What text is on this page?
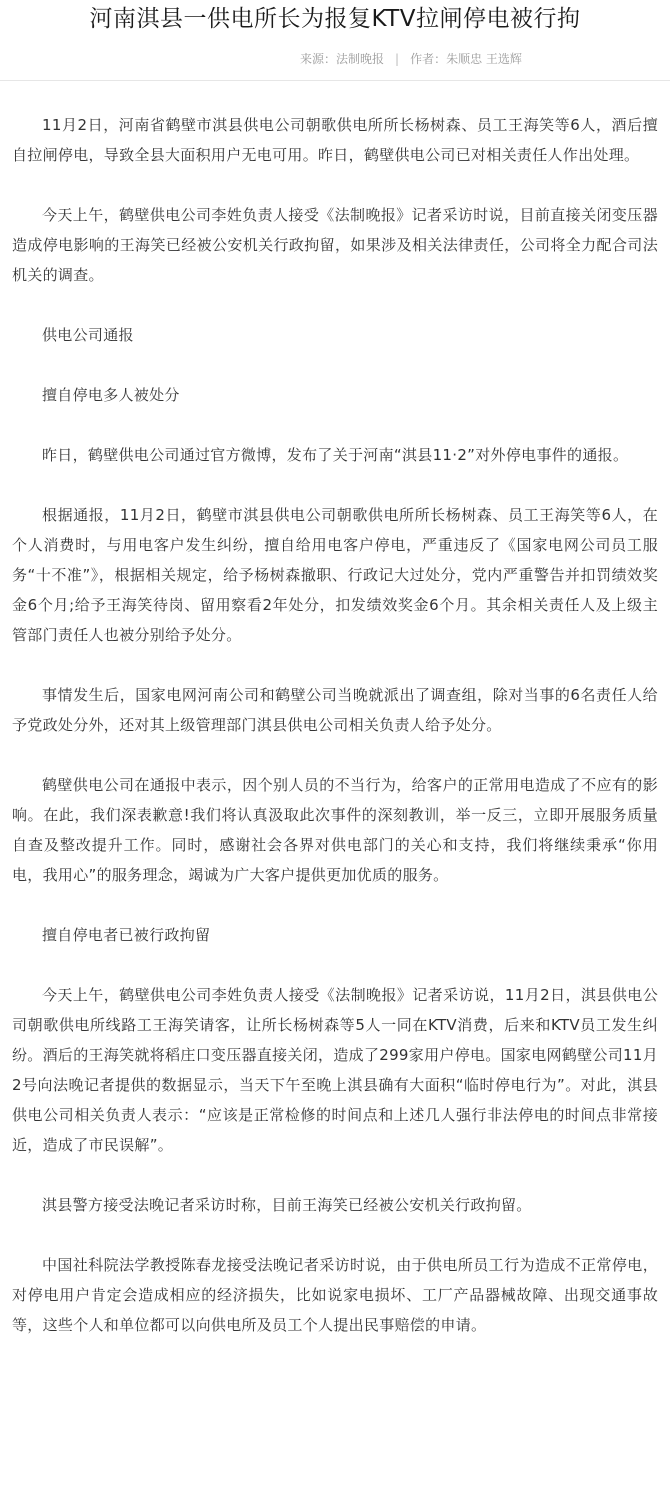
河南淇县一供电所长为报复KTV拉闸停电被行拘
来源：法制晚报 | 作者：朱顺忠 王选辉

11月2日，河南省鹤壁市淇县供电公司朝歌供电所所长杨树森、员工王海笑等6人，酒后擅自拉闸停电，导致全县大面积用户无电可用。昨日，鹤壁供电公司已对相关责任人作出处理。

今天上午，鹤壁供电公司李姓负责人接受《法制晚报》记者采访时说，目前直接关闭变压器造成停电影响的王海笑已经被公安机关行政拘留，如果涉及相关法律责任，公司将全力配合司法机关的调查。

供电公司通报

擅自停电多人被处分

昨日，鹤壁供电公司通过官方微博，发布了关于河南“淇县11·2”对外停电事件的通报。

根据通报，11月2日，鹤壁市淇县供电公司朝歌供电所所长杨树森、员工王海笑等6人，在个人消费时，与用电客户发生纠纷，擅自给用电客户停电，严重违反了《国家电网公司员工服务“十不准”》，根据相关规定，给予杨树森撤职、行政记大过处分，党内严重警告并扣罚绩效奖金6个月;给予王海笑待岗、留用察看2年处分，扣发绩效奖金6个月。其余相关责任人及上级主管部门责任人也被分别给予处分。

事情发生后，国家电网河南公司和鹤壁公司当晚就派出了调查组，除对当事的6名责任人给予党政处分外，还对其上级管理部门淇县供电公司相关负责人给予处分。

鹤壁供电公司在通报中表示，因个别人员的不当行为，给客户的正常用电造成了不应有的影响。在此，我们深表歉意!我们将认真汲取此次事件的深刻教训，举一反三，立即开展服务质量自查及整改提升工作。同时，感谢社会各界对供电部门的关心和支持，我们将继续秉承“你用电，我用心”的服务理念，竭诚为广大客户提供更加优质的服务。

擅自停电者已被行政拘留

今天上午，鹤壁供电公司李姓负责人接受《法制晚报》记者采访说，11月2日，淇县供电公司朝歌供电所线路工王海笑请客，让所长杨树森等5人一同在KTV消费，后来和KTV员工发生纠纷。酒后的王海笑就将稻庄口变压器直接关闭，造成了299家用户停电。国家电网鹤壁公司11月2号向法晚记者提供的数据显示，当天下午至晚上淇县确有大面积“临时停电行为”。对此，淇县供电公司相关负责人表示：“应该是正常检修的时间点和上述几人强行非法停电的时间点非常接近，造成了市民误解”。

淇县警方接受法晚记者采访时称，目前王海笑已经被公安机关行政拘留。

中国社科院法学教授陈春龙接受法晚记者采访时说，由于供电所员工行为造成不正常停电，对停电用户肯定会造成相应的经济损失，比如说家电损坏、工厂产品器械故障、出现交通事故等，这些个人和单位都可以向供电所及员工个人提出民事赔偿的申请。
